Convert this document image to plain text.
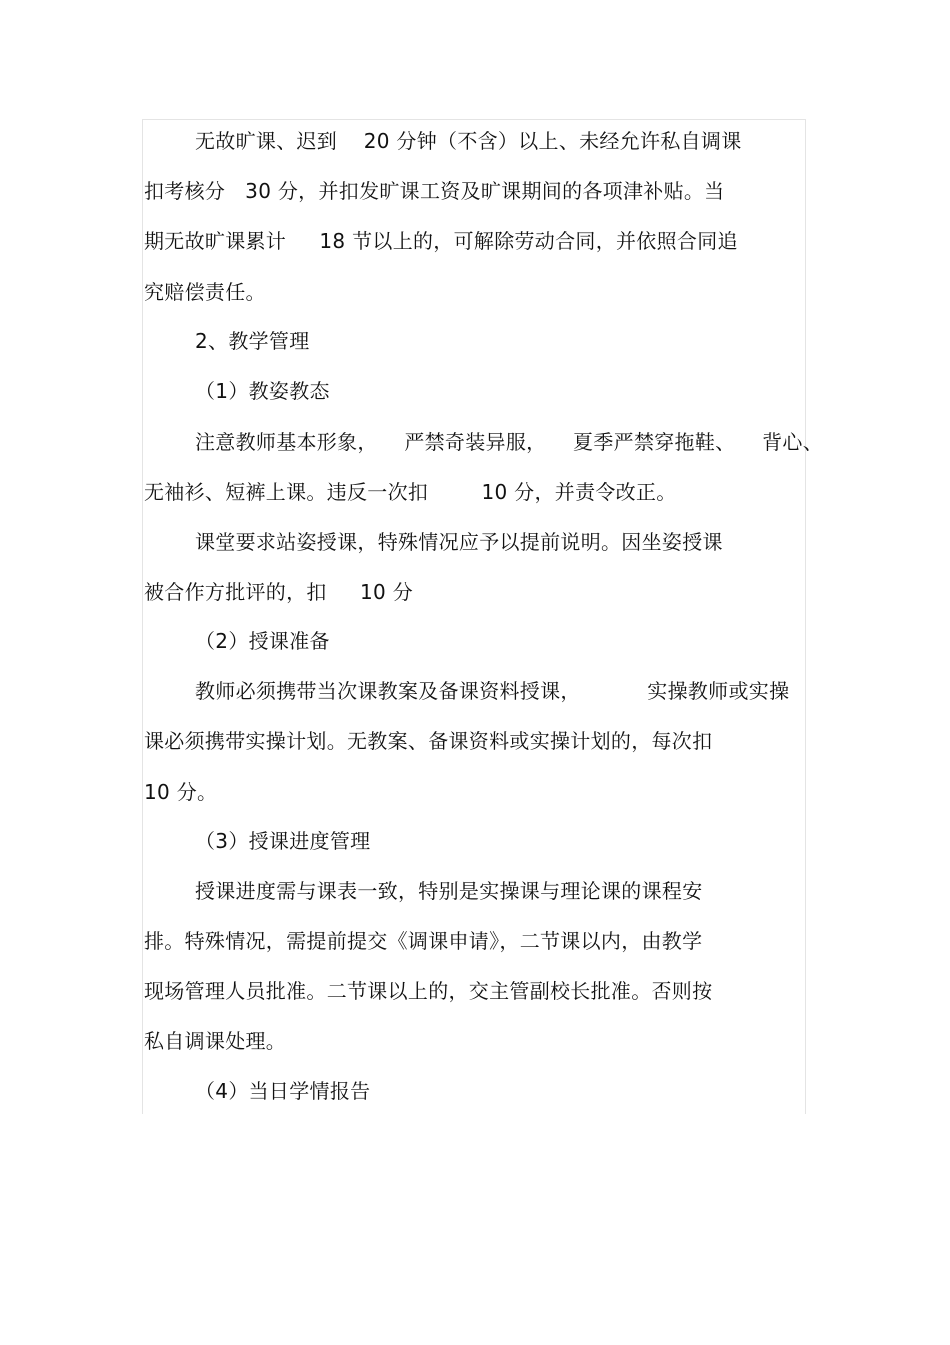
无故旷课、迟到    20 分钟（不含）以上、未经允许私自调课
扣考核分   30 分，并扣发旷课工资及旷课期间的各项津补贴。当
期无故旷课累计     18 节以上的，可解除劳动合同，并依照合同追
究赔偿责任。
2、教学管理
（1）教姿教态
注意教师基本形象，    严禁奇装异服，    夏季严禁穿拖鞋、    背心、
无袖衫、短裤上课。违反一次扣        10 分，并责令改正。
课堂要求站姿授课，特殊情况应予以提前说明。因坐姿授课
被合作方批评的，扣     10 分
（2）授课准备
教师必须携带当次课教案及备课资料授课，          实操教师或实操
课必须携带实操计划。无教案、备课资料或实操计划的，每次扣
10 分。
（3）授课进度管理
授课进度需与课表一致，特别是实操课与理论课的课程安
排。特殊情况，需提前提交《调课申请》，二节课以内，由教学
现场管理人员批准。二节课以上的，交主管副校长批准。否则按
私自调课处理。
（4）当日学情报告
